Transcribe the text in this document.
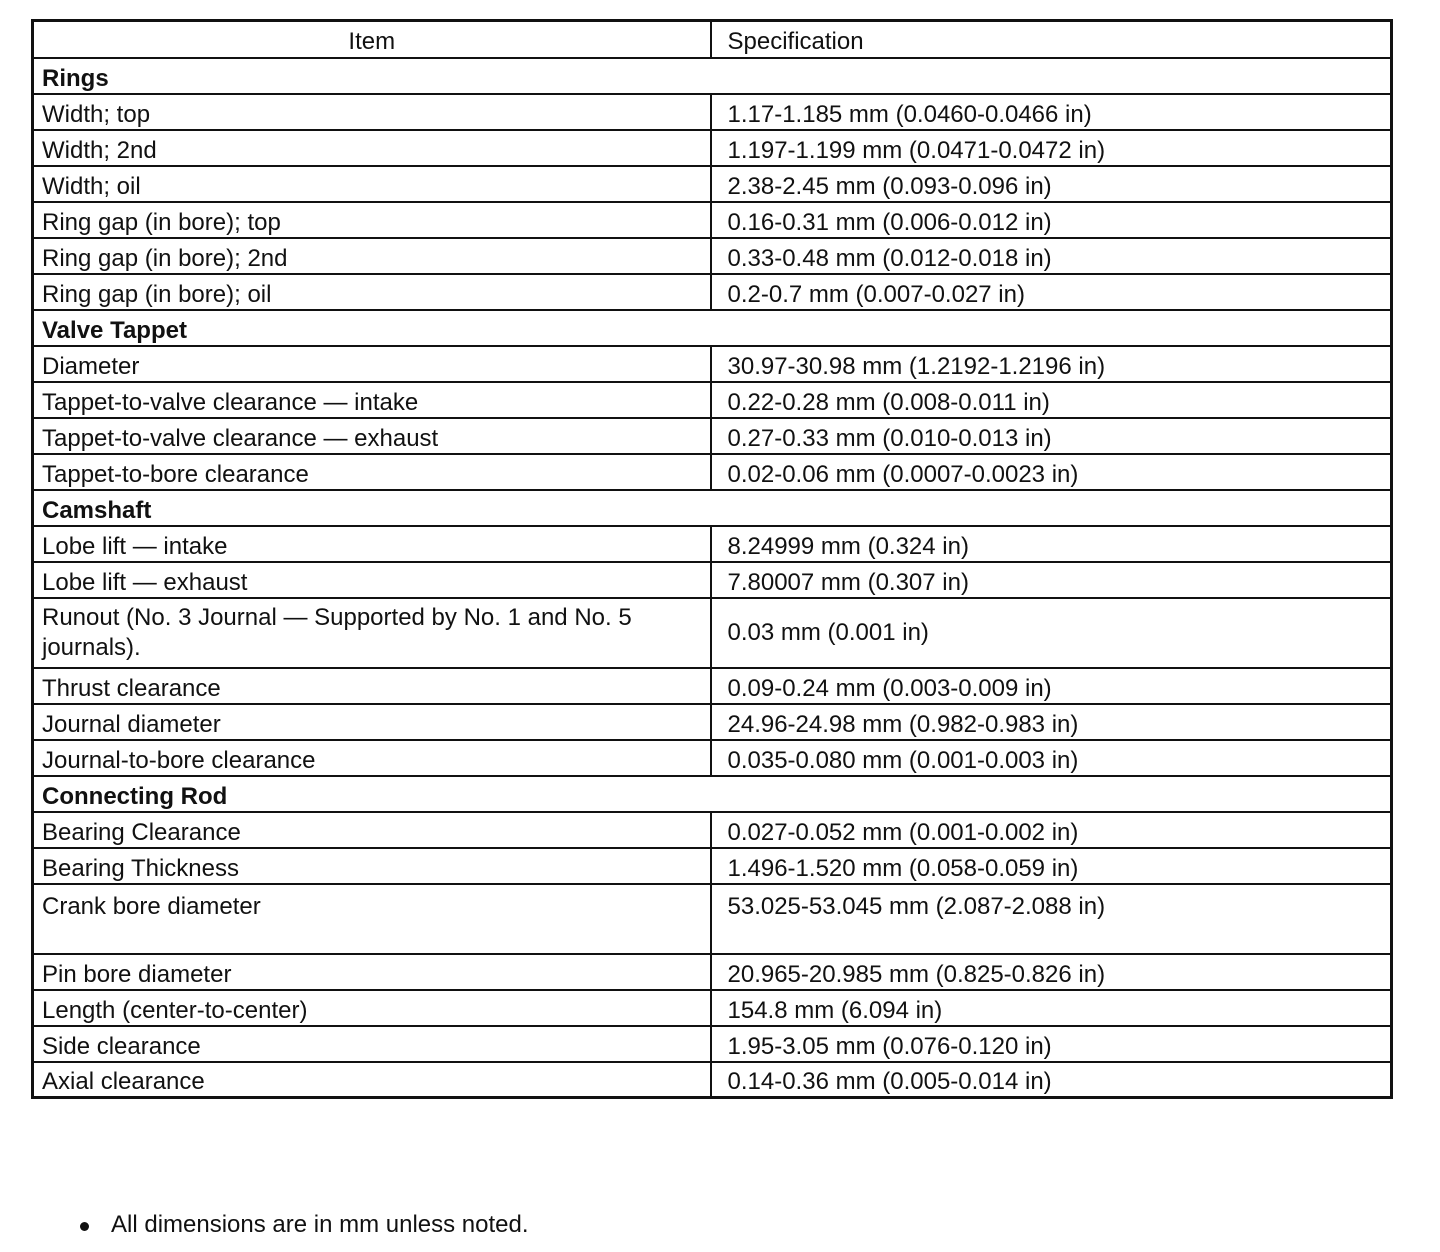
Item	Specification
Rings	
Width; top	1.17-1.185 mm (0.0460-0.0466 in)
Width; 2nd	1.197-1.199 mm (0.0471-0.0472 in)
Width; oil	2.38-2.45 mm (0.093-0.096 in)
Ring gap (in bore); top	0.16-0.31 mm (0.006-0.012 in)
Ring gap (in bore); 2nd	0.33-0.48 mm (0.012-0.018 in)
Ring gap (in bore); oil	0.2-0.7 mm (0.007-0.027 in)
Valve Tappet	
Diameter	30.97-30.98 mm (1.2192-1.2196 in)
Tappet-to-valve clearance — intake	0.22-0.28 mm (0.008-0.011 in)
Tappet-to-valve clearance — exhaust	0.27-0.33 mm (0.010-0.013 in)
Tappet-to-bore clearance	0.02-0.06 mm (0.0007-0.0023 in)
Camshaft	
Lobe lift — intake	8.24999 mm (0.324 in)
Lobe lift — exhaust	7.80007 mm (0.307 in)
Runout (No. 3 Journal — Supported by No. 1 and No. 5 journals).	0.03 mm (0.001 in)
Thrust clearance	0.09-0.24 mm (0.003-0.009 in)
Journal diameter	24.96-24.98 mm (0.982-0.983 in)
Journal-to-bore clearance	0.035-0.080 mm (0.001-0.003 in)
Connecting Rod	
Bearing Clearance	0.027-0.052 mm (0.001-0.002 in)
Bearing Thickness	1.496-1.520 mm (0.058-0.059 in)
Crank bore diameter	53.025-53.045 mm (2.087-2.088 in)
Pin bore diameter	20.965-20.985 mm (0.825-0.826 in)
Length (center-to-center)	154.8 mm (6.094 in)
Side clearance	1.95-3.05 mm (0.076-0.120 in)
Axial clearance	0.14-0.36 mm (0.005-0.014 in)
All dimensions are in mm unless noted.
